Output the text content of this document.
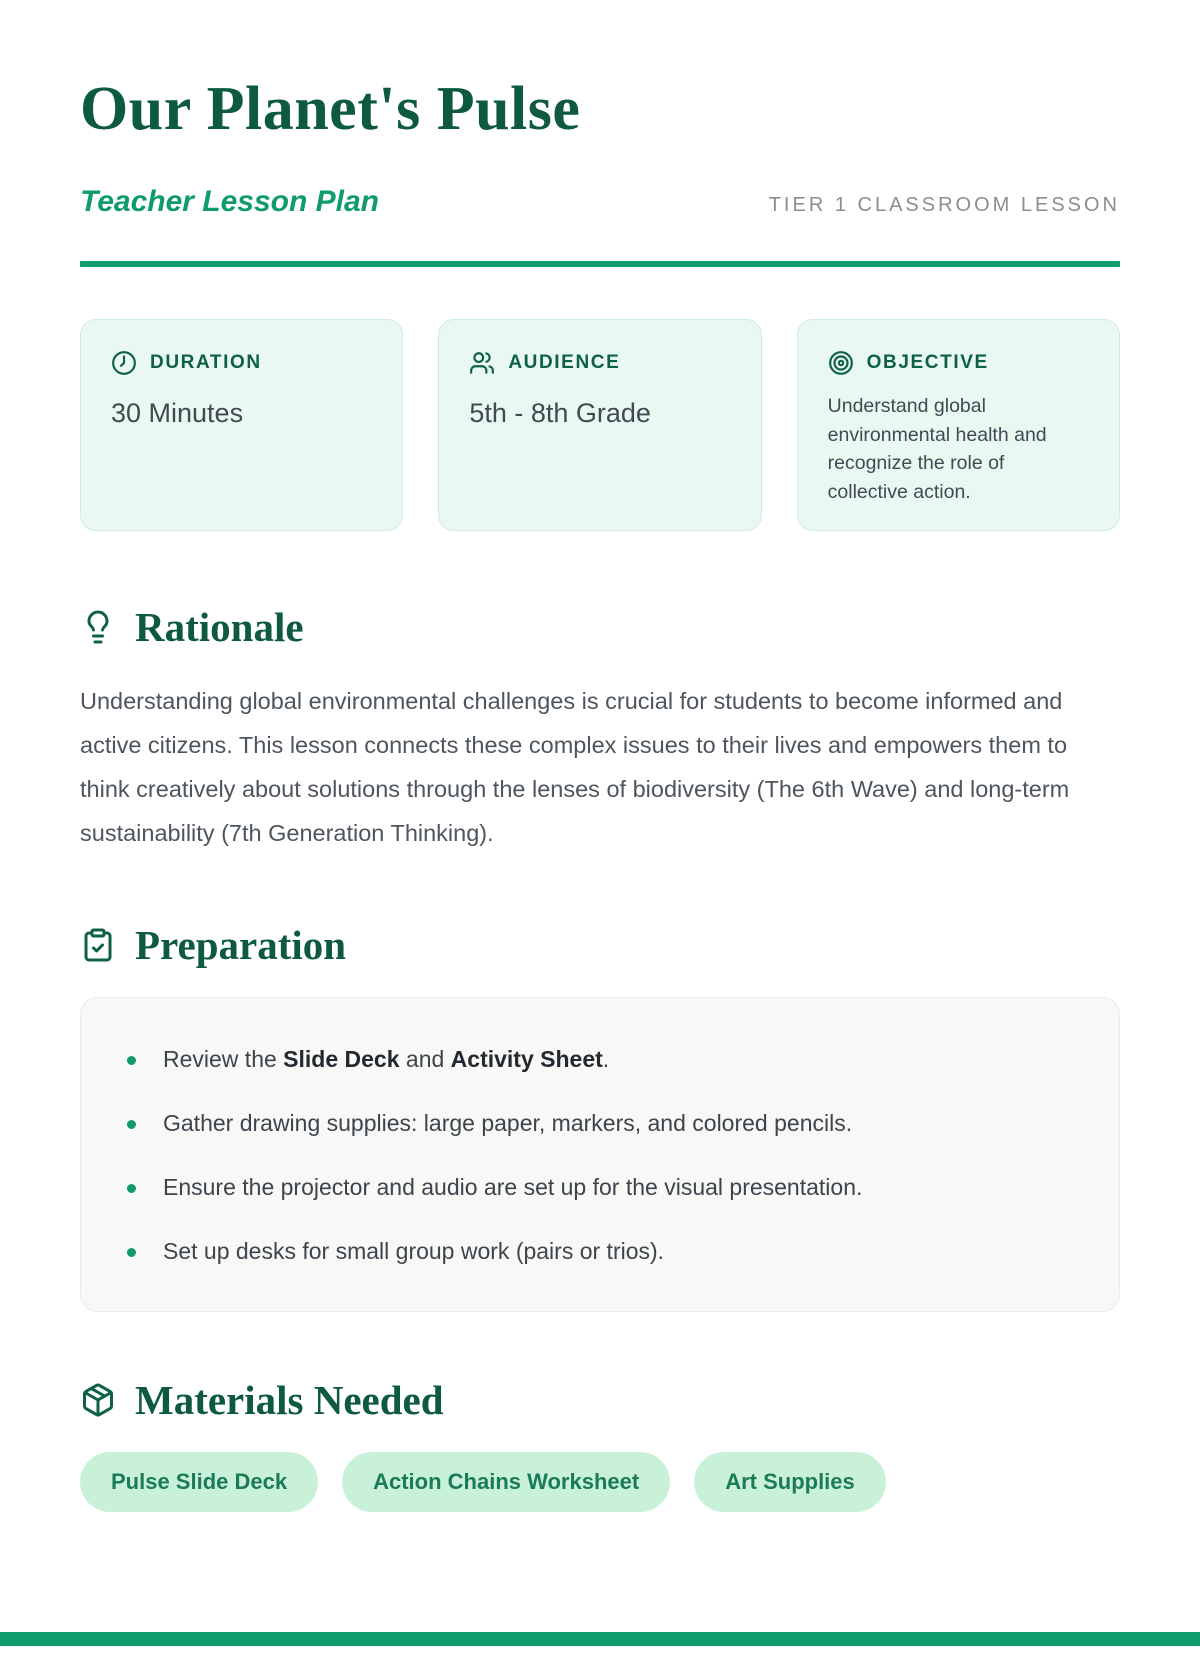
Our Planet's Pulse
Teacher Lesson Plan	TIER 1 CLASSROOM LESSON
DURATION
30 Minutes
AUDIENCE
5th - 8th Grade
OBJECTIVE
Understand global environmental health and recognize the role of collective action.
Rationale

Understanding global environmental challenges is crucial for students to become informed and active citizens. This lesson connects these complex issues to their lives and empowers them to think creatively about solutions through the lenses of biodiversity (The 6th Wave) and long-term sustainability (7th Generation Thinking).

Preparation
Review the Slide Deck and Activity Sheet.
Gather drawing supplies: large paper, markers, and colored pencils.
Ensure the projector and audio are set up for the visual presentation.
Set up desks for small group work (pairs or trios).
Materials Needed
Pulse Slide Deck	Action Chains Worksheet	Art Supplies
